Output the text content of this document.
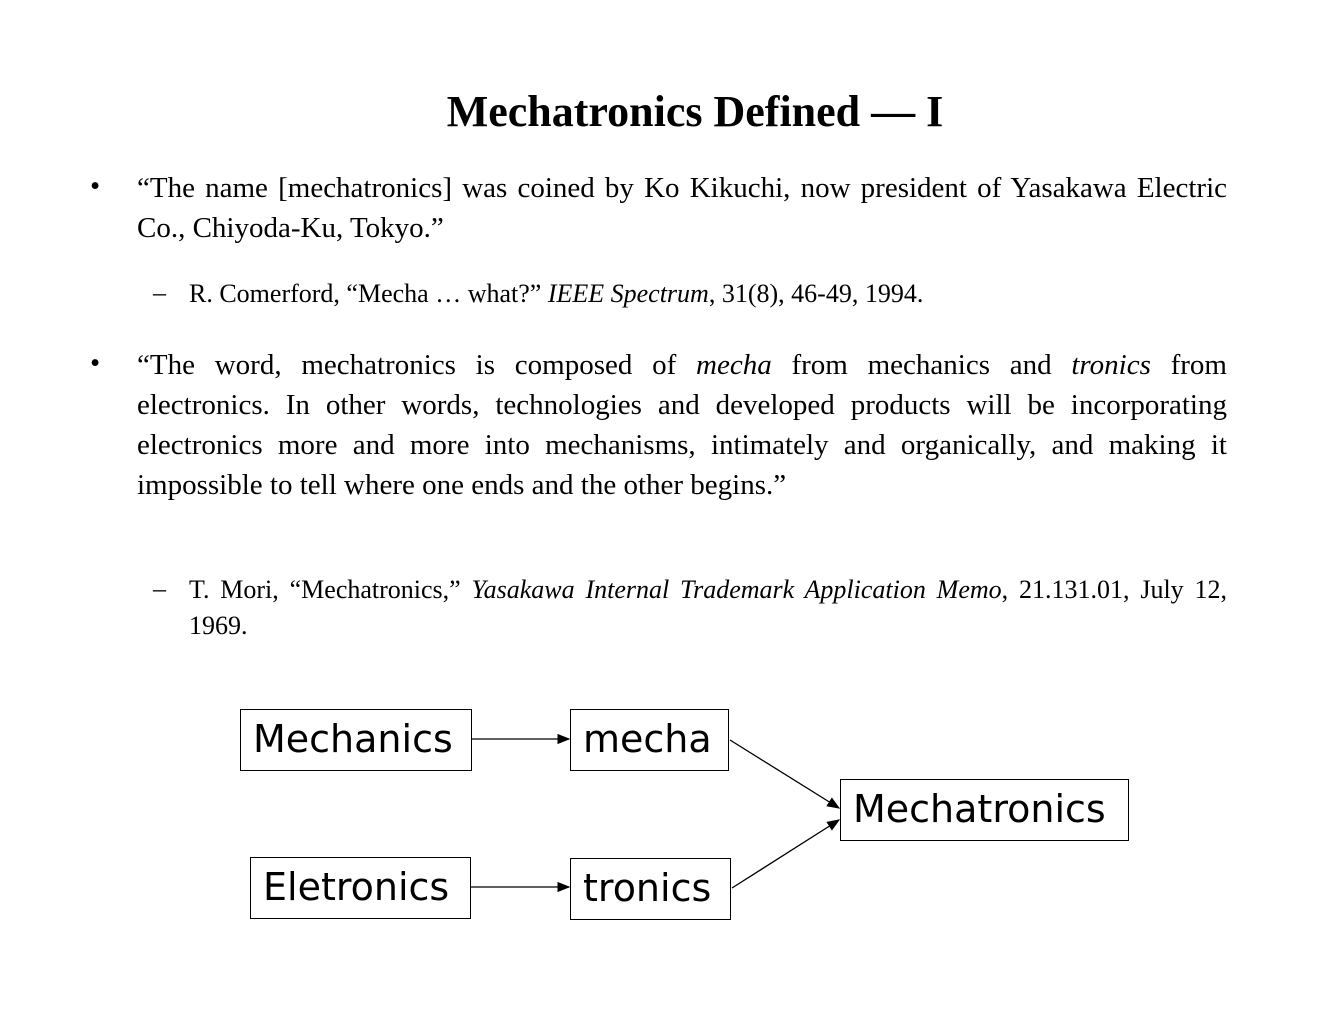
Mechatronics Defined — I
• “The name [mechatronics] was coined by Ko Kikuchi, now president of Yasakawa Electric Co., Chiyoda-Ku, Tokyo.”
– R. Comerford, “Mecha … what?” IEEE Spectrum, 31(8), 46-49, 1994.
• “The word, mechatronics is composed of mecha from mechanics and tronics from electronics. In other words, technologies and developed products will be incorporating electronics more and more into mechanisms, intimately and organically, and making it impossible to tell where one ends and the other begins.”
– T. Mori, “Mechatronics,” Yasakawa Internal Trademark Application Memo, 21.131.01, July 12, 1969.
Mechanics	mecha
Eletronics	tronics
Mechatronics
